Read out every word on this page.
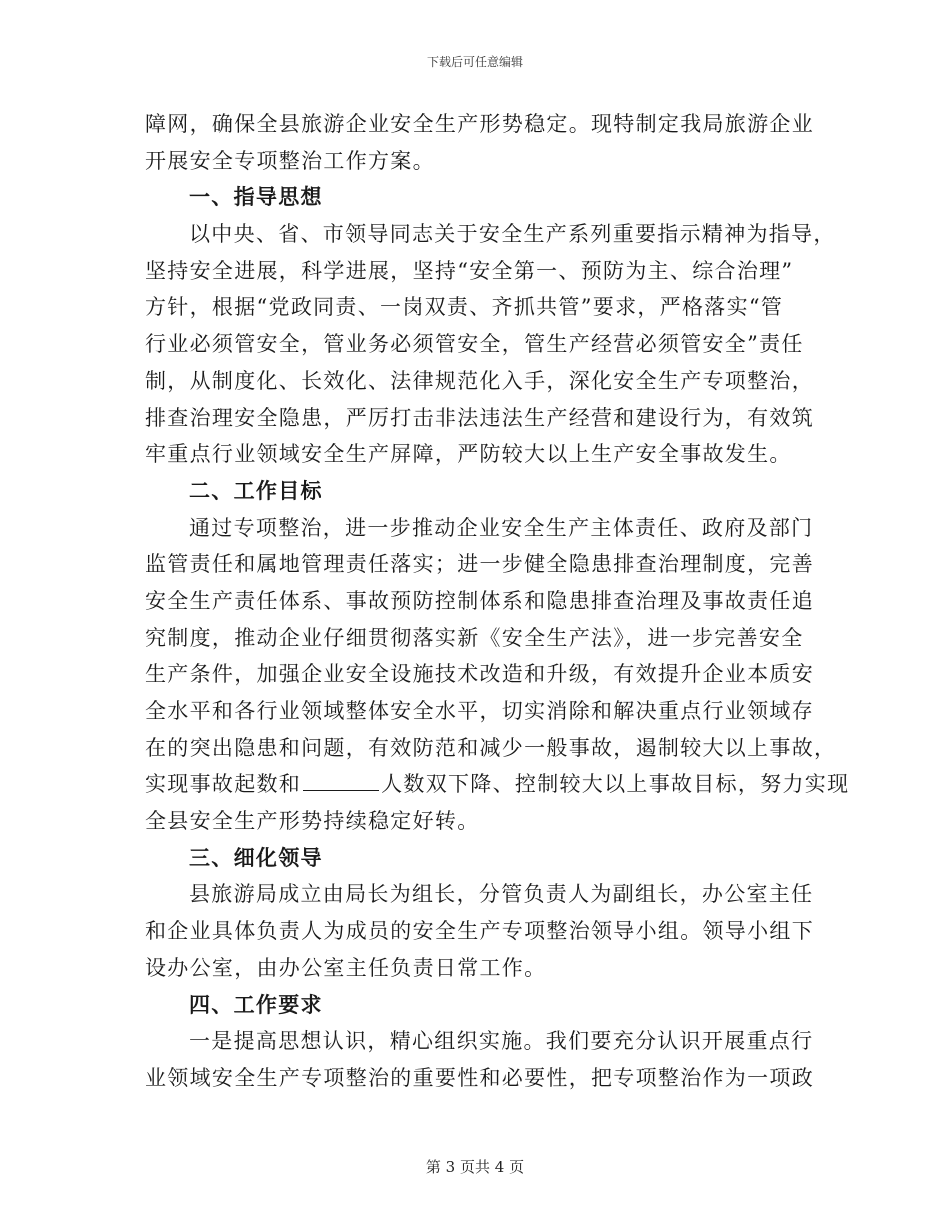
下载后可任意编辑
障网，确保全县旅游企业安全生产形势稳定。现特制定我局旅游企业
开展安全专项整治工作方案。
一、指导思想
以中央、省、市领导同志关于安全生产系列重要指示精神为指导，
坚持安全进展，科学进展，坚持“安全第一、预防为主、综合治理”
方针，根据“党政同责、一岗双责、齐抓共管”要求，严格落实“管
行业必须管安全，管业务必须管安全，管生产经营必须管安全”责任
制，从制度化、长效化、法律规范化入手，深化安全生产专项整治，
排查治理安全隐患，严厉打击非法违法生产经营和建设行为，有效筑
牢重点行业领域安全生产屏障，严防较大以上生产安全事故发生。
二、工作目标
通过专项整治，进一步推动企业安全生产主体责任、政府及部门
监管责任和属地管理责任落实；进一步健全隐患排查治理制度，完善
安全生产责任体系、事故预防控制体系和隐患排查治理及事故责任追
究制度，推动企业仔细贯彻落实新《安全生产法》，进一步完善安全
生产条件，加强企业安全设施技术改造和升级，有效提升企业本质安
全水平和各行业领域整体安全水平，切实消除和解决重点行业领域存
在的突出隐患和问题，有效防范和减少一般事故，遏制较大以上事故，
实现事故起数和	人数双下降、控制较大以上事故目标，努力实现
全县安全生产形势持续稳定好转。
三、细化领导
县旅游局成立由局长为组长，分管负责人为副组长，办公室主任
和企业具体负责人为成员的安全生产专项整治领导小组。领导小组下
设办公室，由办公室主任负责日常工作。
四、工作要求
一是提高思想认识，精心组织实施。我们要充分认识开展重点行
业领域安全生产专项整治的重要性和必要性，把专项整治作为一项政
第 3 页共 4 页
